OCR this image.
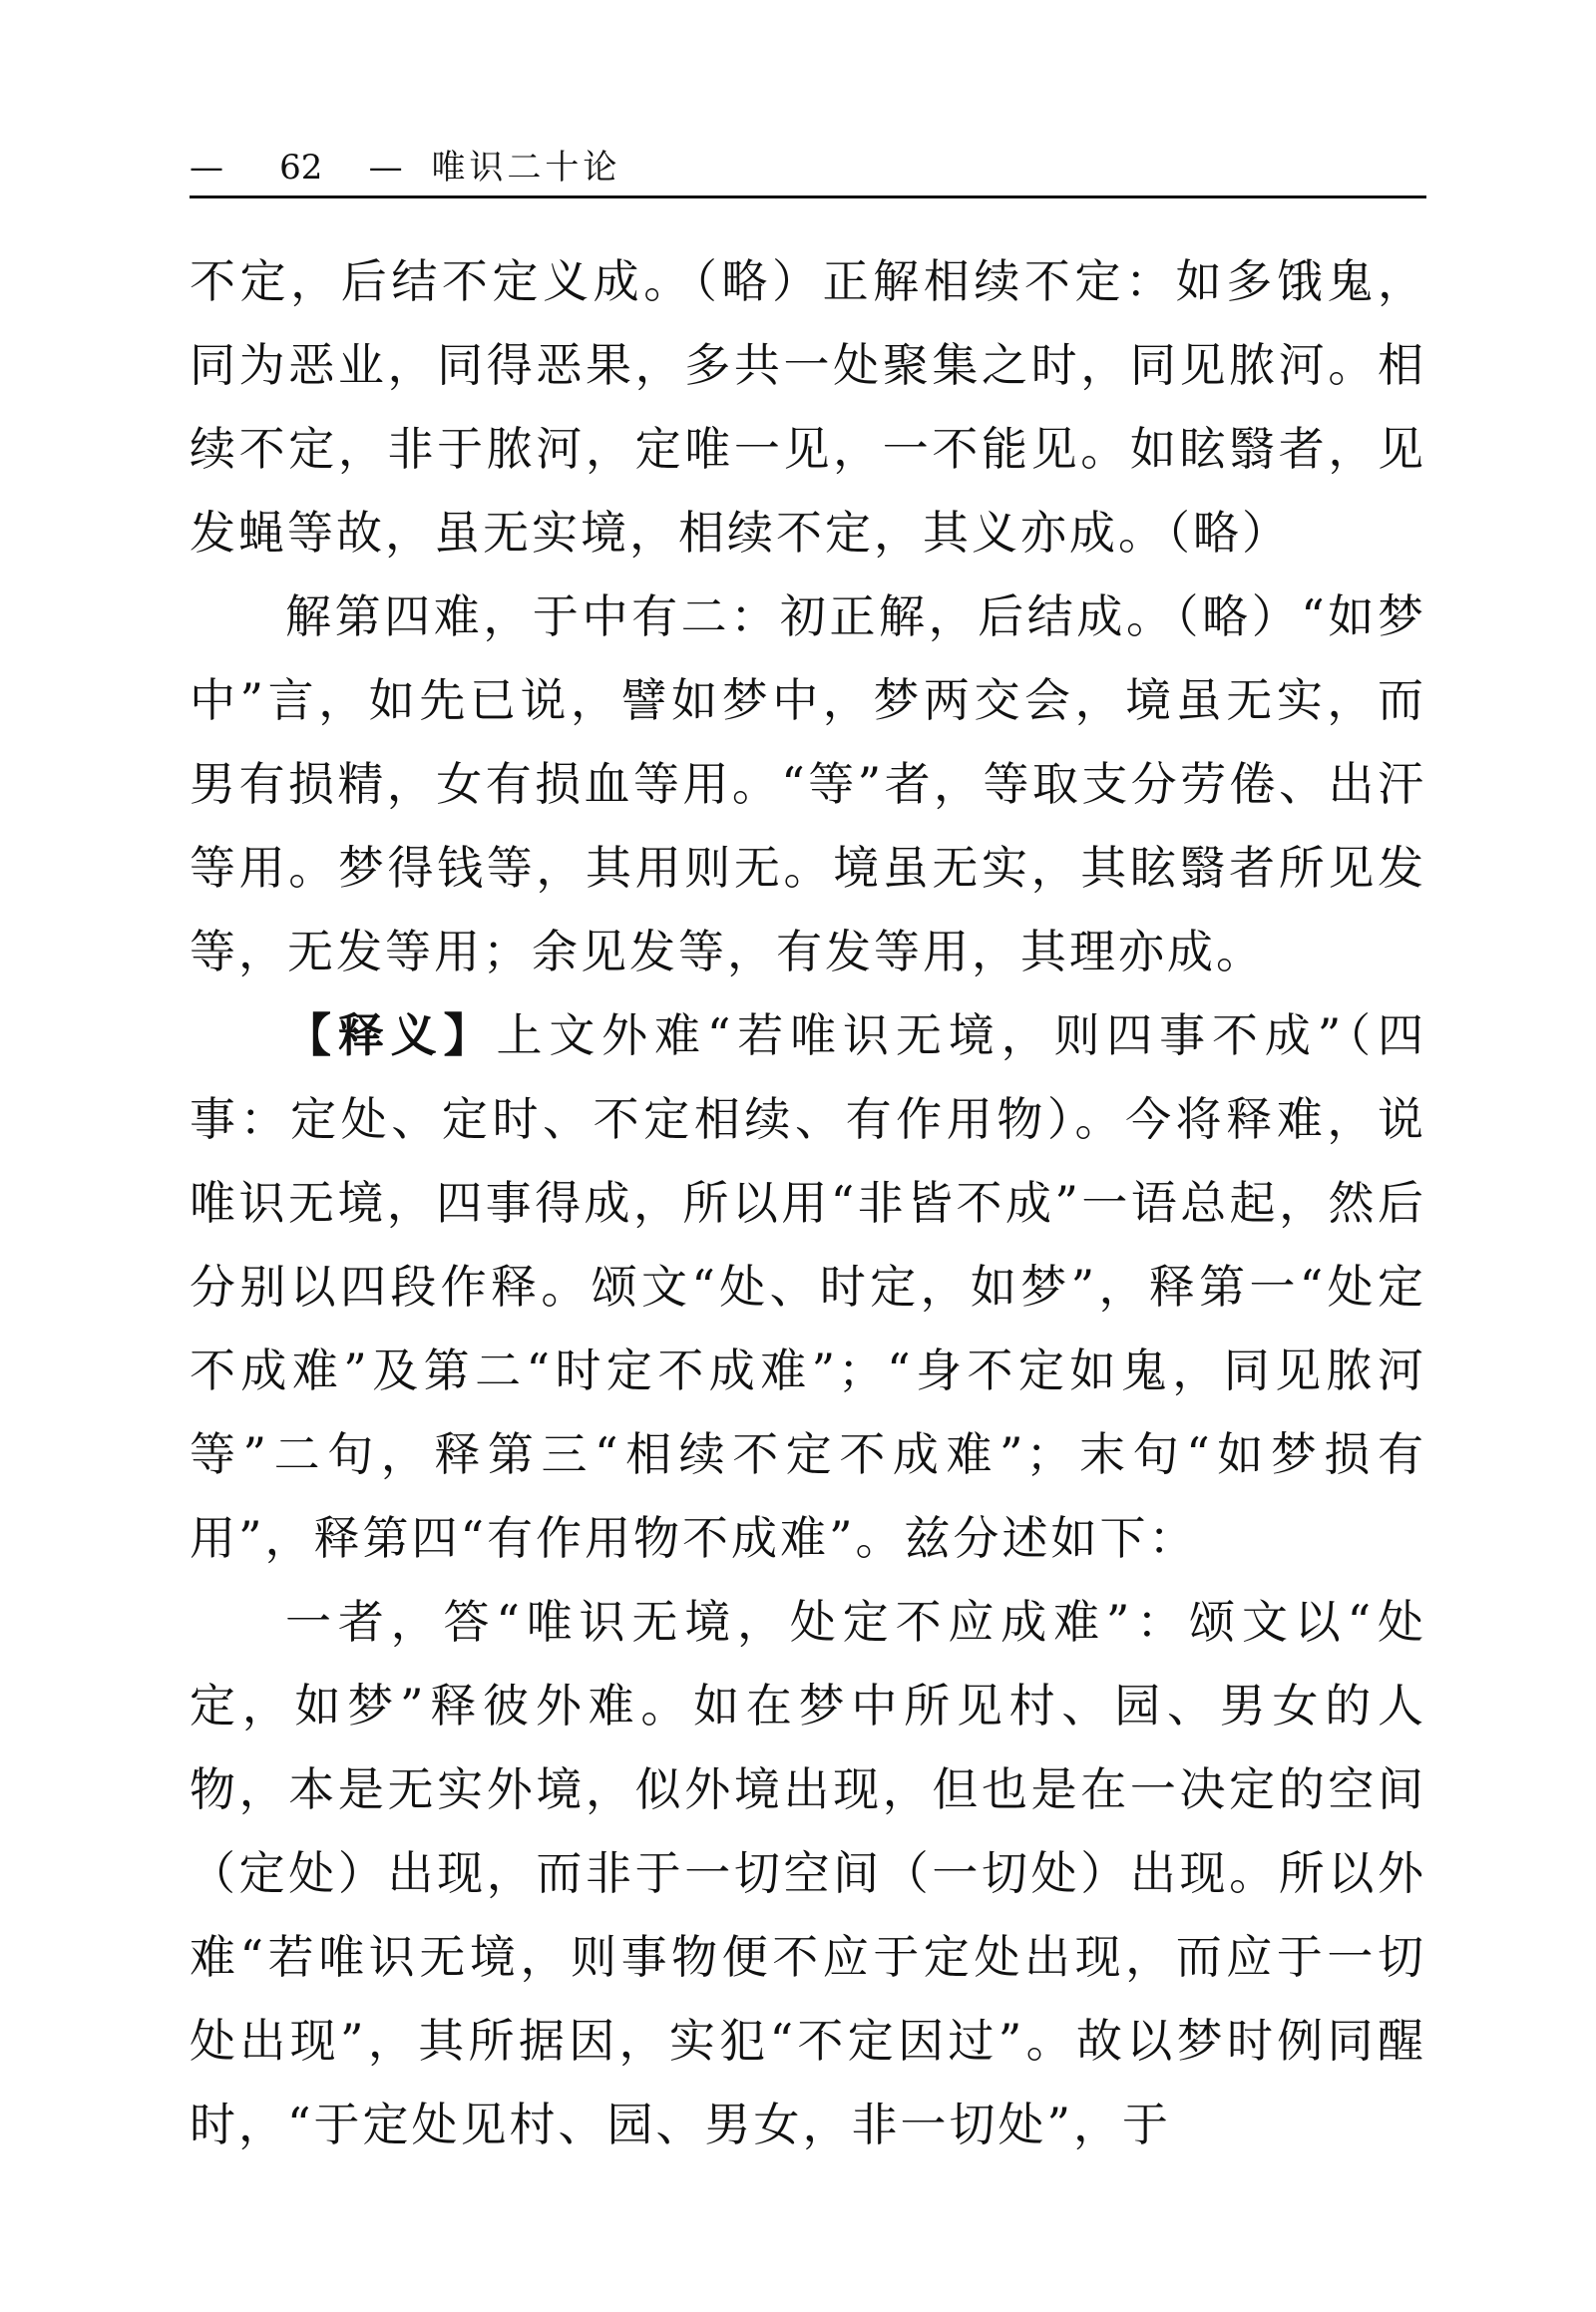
— 62 — 唯识二十论

不定，后结不定义成。（略）正解相续不定：如多饿鬼，同为恶业，同得恶果，多共一处聚集之时，同见脓河。相续不定，非于脓河，定唯一见，一不能见。如眩翳者，见发蝇等故，虽无实境，相续不定，其义亦成。（略）

解第四难，于中有二：初正解，后结成。（略）“如梦中”言，如先已说，譬如梦中，梦两交会，境虽无实，而男有损精，女有损血等用。“等”者，等取支分劳倦、出汗等用。梦得钱等，其用则无。境虽无实，其眩翳者所见发等，无发等用；余见发等，有发等用，其理亦成。

【释义】上文外难“若唯识无境，则四事不成”（四事：定处、定时、不定相续、有作用物）。今将释难，说唯识无境，四事得成，所以用“非皆不成”一语总起，然后分别以四段作释。颂文“处、时定，如梦”，释第一“处定不成难”及第二“时定不成难”；“身不定如鬼，同见脓河等”二句，释第三“相续不定不成难”；末句“如梦损有用”，释第四“有作用物不成难”。兹分述如下：

一者，答“唯识无境，处定不应成难”：颂文以“处定，如梦”释彼外难。如在梦中所见村、园、男女的人物，本是无实外境，似外境出现，但也是在一决定的空间（定处）出现，而非于一切空间（一切处）出现。所以外难“若唯识无境，则事物便不应于定处出现，而应于一切处出现”，其所据因，实犯“不定因过”。故以梦时例同醒时，“于定处见村、园、男女，非一切处”，于
